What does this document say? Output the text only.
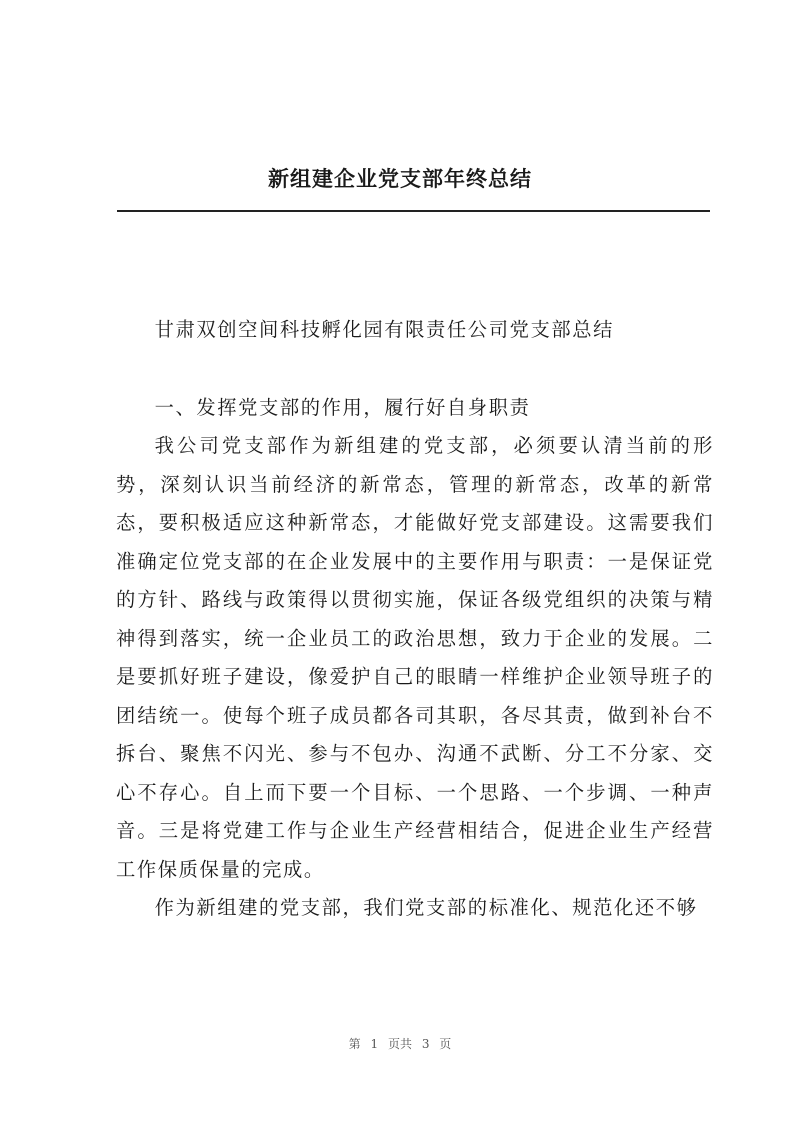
新组建企业党支部年终总结

甘肃双创空间科技孵化园有限责任公司党支部总结

一、发挥党支部的作用，履行好自身职责

我公司党支部作为新组建的党支部，必须要认清当前的形势，深刻认识当前经济的新常态，管理的新常态，改革的新常态，要积极适应这种新常态，才能做好党支部建设。这需要我们准确定位党支部的在企业发展中的主要作用与职责：一是保证党的方针、路线与政策得以贯彻实施，保证各级党组织的决策与精神得到落实，统一企业员工的政治思想，致力于企业的发展。二是要抓好班子建设，像爱护自己的眼睛一样维护企业领导班子的团结统一。使每个班子成员都各司其职，各尽其责，做到补台不拆台、聚焦不闪光、参与不包办、沟通不武断、分工不分家、交心不存心。自上而下要一个目标、一个思路、一个步调、一种声音。三是将党建工作与企业生产经营相结合，促进企业生产经营工作保质保量的完成。

作为新组建的党支部，我们党支部的标准化、规范化还不够

第 1 页共 3 页
